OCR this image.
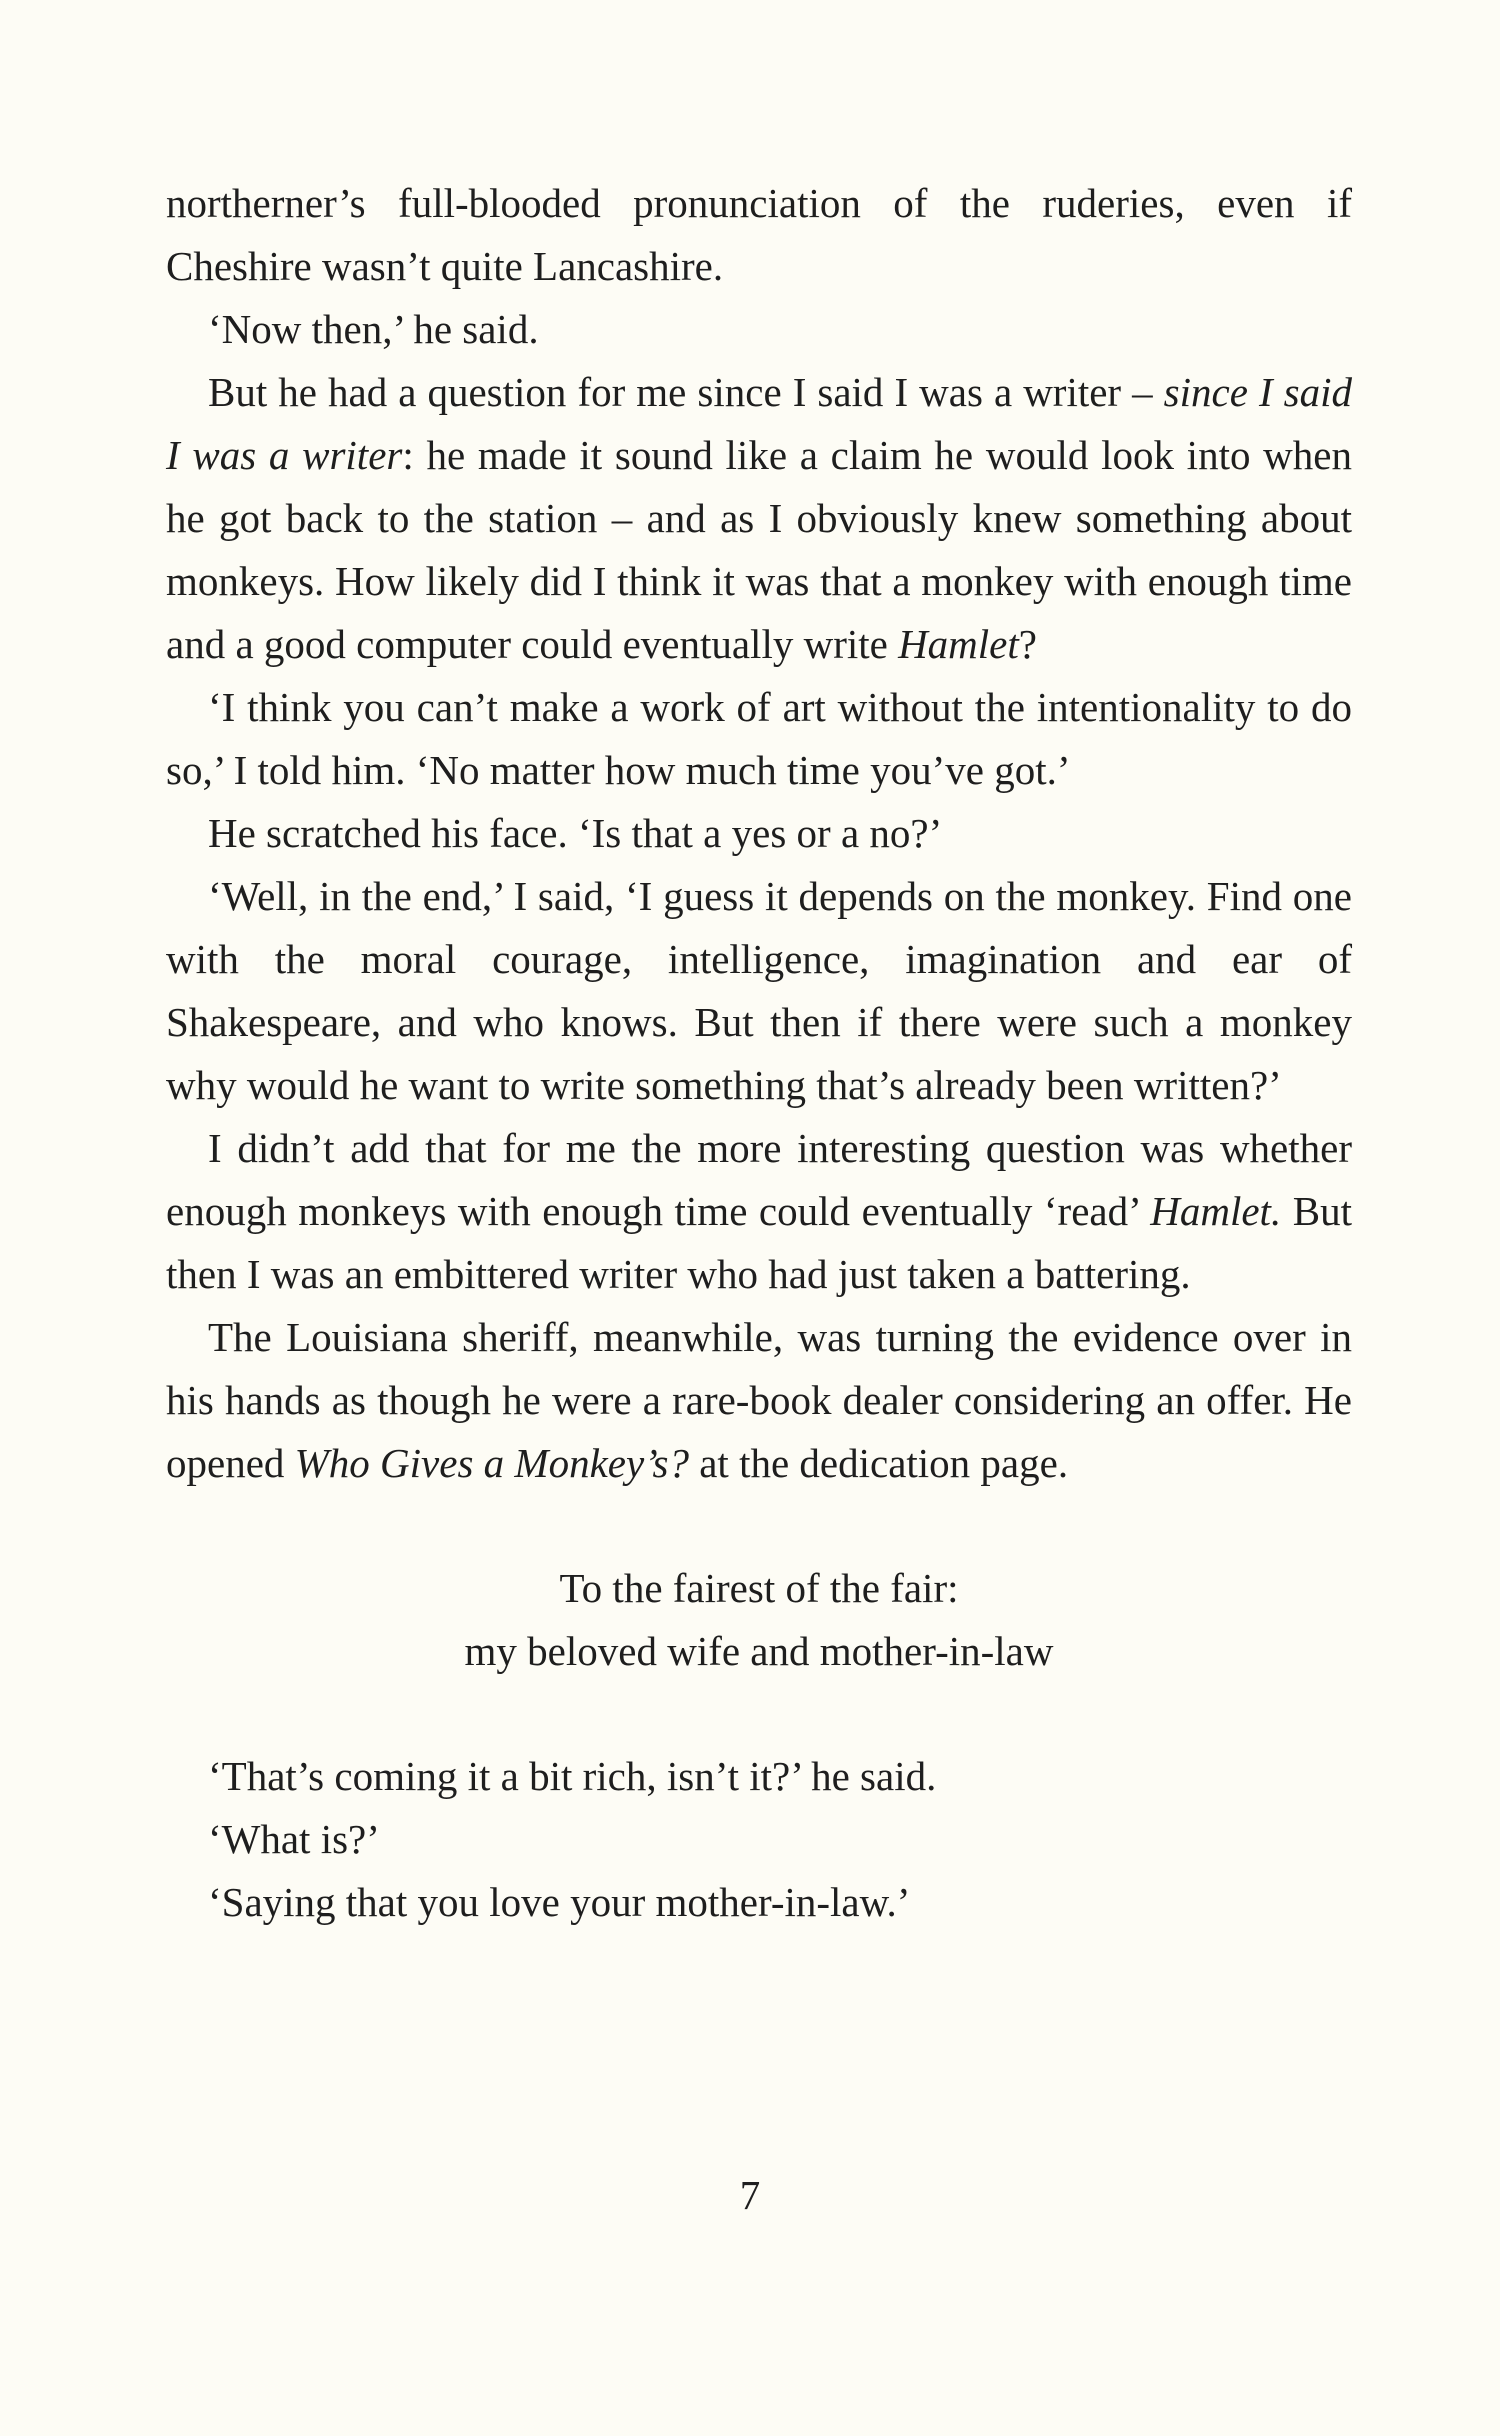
northerner’s full-blooded pronunciation of the ruderies, even if Cheshire wasn’t quite Lancashire.

‘Now then,’ he said.

But he had a question for me since I said I was a writer – since I said I was a writer: he made it sound like a claim he would look into when he got back to the station – and as I obviously knew something about monkeys. How likely did I think it was that a monkey with enough time and a good computer could eventually write Hamlet?

‘I think you can’t make a work of art without the intentionality to do so,’ I told him. ‘No matter how much time you’ve got.’

He scratched his face. ‘Is that a yes or a no?’

‘Well, in the end,’ I said, ‘I guess it depends on the monkey. Find one with the moral courage, intelligence, imagination and ear of Shakespeare, and who knows. But then if there were such a monkey why would he want to write something that’s already been written?’

I didn’t add that for me the more interesting question was whether enough monkeys with enough time could eventually ‘read’ Hamlet. But then I was an embittered writer who had just taken a battering.

The Louisiana sheriff, meanwhile, was turning the evidence over in his hands as though he were a rare-book dealer considering an offer. He opened Who Gives a Monkey’s? at the dedication page.

To the fairest of the fair:
my beloved wife and mother-in-law

‘That’s coming it a bit rich, isn’t it?’ he said.

‘What is?’

‘Saying that you love your mother-in-law.’

7
